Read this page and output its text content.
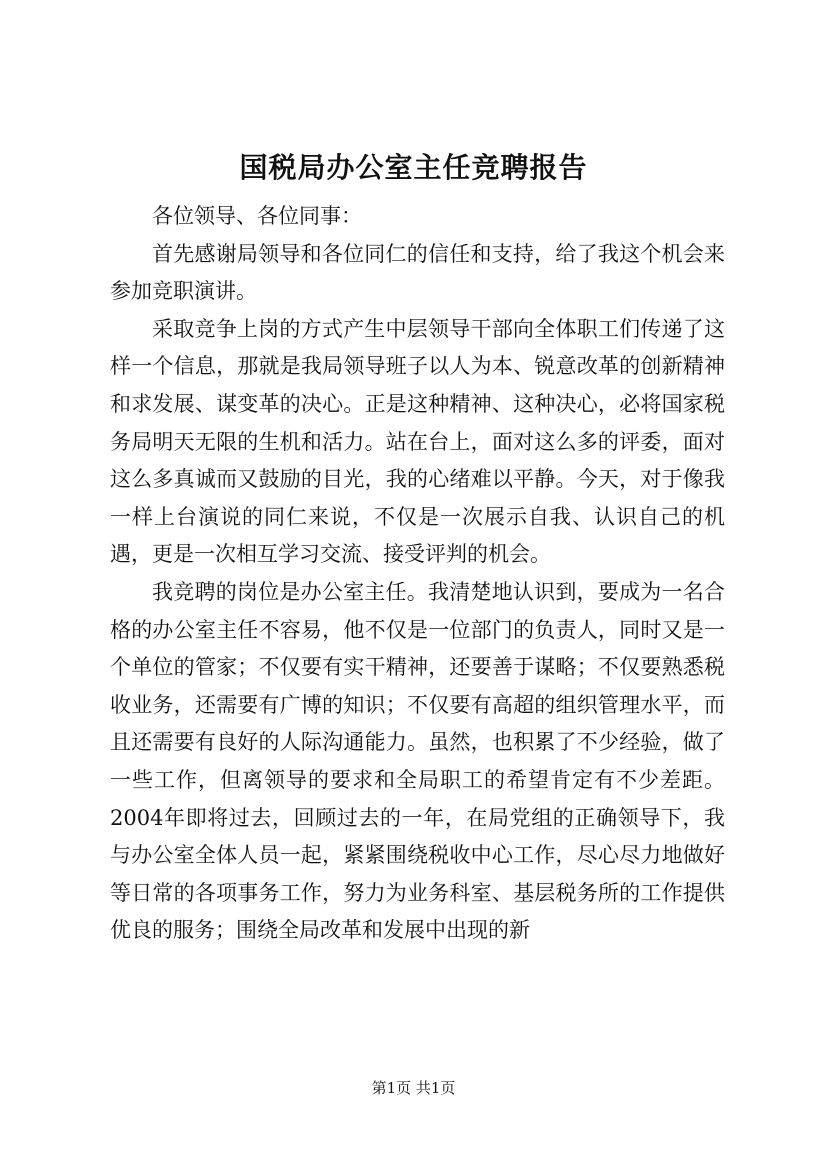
国税局办公室主任竞聘报告

各位领导、各位同事：

首先感谢局领导和各位同仁的信任和支持，给了我这个机会来参加竞职演讲。

采取竞争上岗的方式产生中层领导干部向全体职工们传递了这样一个信息，那就是我局领导班子以人为本、锐意改革的创新精神和求发展、谋变革的决心。正是这种精神、这种决心，必将国家税务局明天无限的生机和活力。站在台上，面对这么多的评委，面对这么多真诚而又鼓励的目光，我的心绪难以平静。今天，对于像我一样上台演说的同仁来说，不仅是一次展示自我、认识自己的机遇，更是一次相互学习交流、接受评判的机会。

我竞聘的岗位是办公室主任。我清楚地认识到，要成为一名合格的办公室主任不容易，他不仅是一位部门的负责人，同时又是一个单位的管家；不仅要有实干精神，还要善于谋略；不仅要熟悉税收业务，还需要有广博的知识；不仅要有高超的组织管理水平，而且还需要有良好的人际沟通能力。虽然，也积累了不少经验，做了一些工作，但离领导的要求和全局职工的希望肯定有不少差距。2004年即将过去，回顾过去的一年，在局党组的正确领导下，我与办公室全体人员一起，紧紧围绕税收中心工作，尽心尽力地做好等日常的各项事务工作，努力为业务科室、基层税务所的工作提供优良的服务；围绕全局改革和发展中出现的新

第1页 共1页
